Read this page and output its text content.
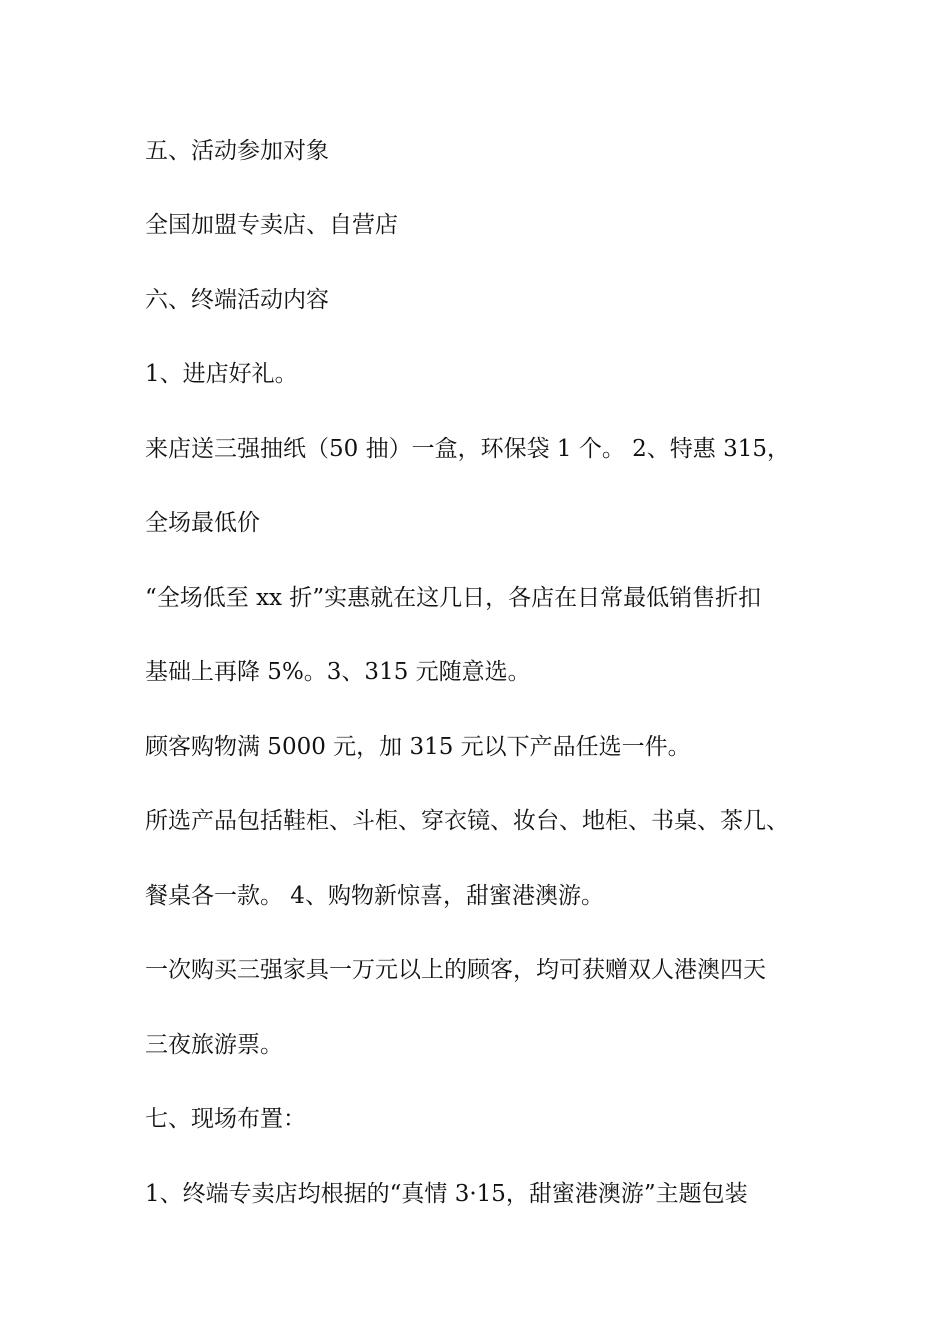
五、活动参加对象

全国加盟专卖店、自营店

六、终端活动内容

1、进店好礼。

来店送三强抽纸（50 抽）一盒，环保袋 1 个。 2、特惠 315，

全场最低价

“全场低至 xx 折”实惠就在这几日，各店在日常最低销售折扣

基础上再降 5%。3、315 元随意选。

顾客购物满 5000 元，加 315 元以下产品任选一件。

所选产品包括鞋柜、斗柜、穿衣镜、妆台、地柜、书桌、茶几、

餐桌各一款。 4、购物新惊喜，甜蜜港澳游。

一次购买三强家具一万元以上的顾客，均可获赠双人港澳四天

三夜旅游票。

七、现场布置：

1、终端专卖店均根据的“真情 3·15，甜蜜港澳游”主题包装
